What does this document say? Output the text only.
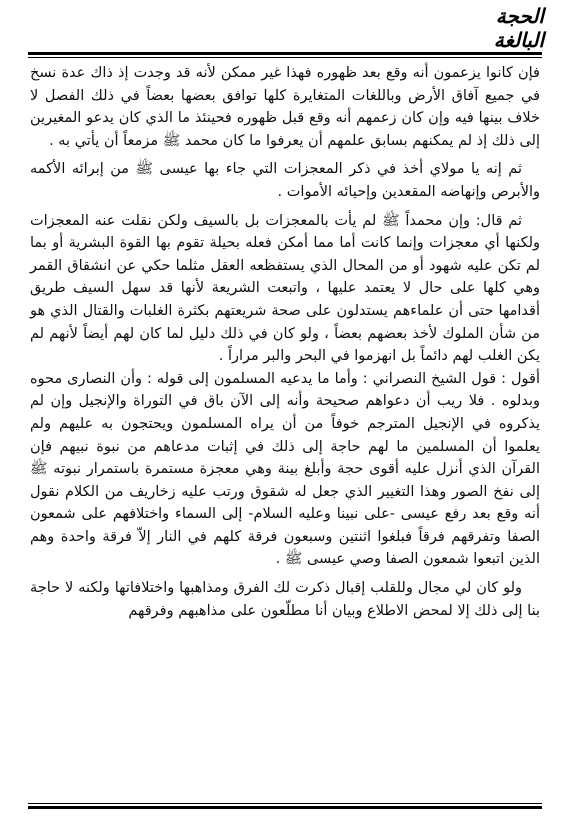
الحجة البالغة

فإن كانوا يزعمون أنه وقع بعد ظهوره فهذا غير ممكن لأنه قد وجدت إذ ذاك عدة نسخ في جميع آفاق الأرض وباللغات المتغايرة كلها توافق بعضها بعضاً في ذلك الفصل لا خلاف بينها فيه وإن كان زعمهم أنه وقع قبل ظهوره فحينئذ ما الذي كان يدعو المغيرين إلى ذلك إذ لم يمكنهم بسابق علمهم أن يعرفوا ما كان محمد ﷺ مزمعاً أن يأتي به .

ثم إنه يا مولاي أخذ في ذكر المعجزات التي جاء بها عيسى ﷺ من إبرائه الأكمه والأبرص وإنهاضه المقعدين وإحيائه الأموات .

ثم قال: وإن محمداً ﷺ لم يأت بالمعجزات بل بالسيف ولكن نقلت عنه المعجزات ولكنها أي معجزات وإنما كانت أما مما أمكن فعله بحيلة تقوم بها القوة البشرية أو بما لم تكن عليه شهود أو من المحال الذي يستفظعه العقل مثلما حكي عن انشقاق القمر وهي كلها على حال لا يعتمد عليها ، واتبعت الشريعة لأنها قد سهل السيف طريق أقدامها حتى أن علماءهم يستدلون على صحة شريعتهم بكثرة الغلبات والقتال الذي هو من شأن الملوك لأخذ بعضهم بعضاً ، ولو كان في ذلك دليل لما كان لهم أيضاً لأنهم لم يكن الغلب لهم دائماً بل انهزموا في البحر والبر مراراً .

أقول : قول الشيخ النصراني : وأما ما يدعيه المسلمون إلى قوله : وأن النصارى محوه وبدلوه . فلا ريب أن دعواهم صحيحة وأنه إلى الآن باق في التوراة والإنجيل وإن لم يذكروه في الإنجيل المترجم خوفاً من أن يراه المسلمون ويحتجون به عليهم ولم يعلموا أن المسلمين ما لهم حاجة إلى ذلك في إثبات مدعاهم من نبوة نبيهم فإن القرآن الذي أنزل عليه أقوى حجة وأبلغ بينة وهي معجزة مستمرة باستمرار نبوته ﷺ إلى نفخ الصور وهذا التغيير الذي جعل له شقوق ورتب عليه زخاريف من الكلام نقول أنه وقع بعد رفع عيسى -على نبينا وعليه السلام- إلى السماء واختلافهم على شمعون الصفا وتفرقهم فرقاً فبلغوا اثنتين وسبعون فرقة كلهم في النار إلاّ فرقة واحدة وهم الذين اتبعوا شمعون الصفا وصي عيسى ﷺ .

ولو كان لي مجال وللقلب إقبال ذكرت لك الفرق ومذاهبها واختلافاتها ولكنه لا حاجة بنا إلى ذلك إلا لمحض الاطلاع وبيان أنا مطلّعون على مذاهبهم وفرقهم
